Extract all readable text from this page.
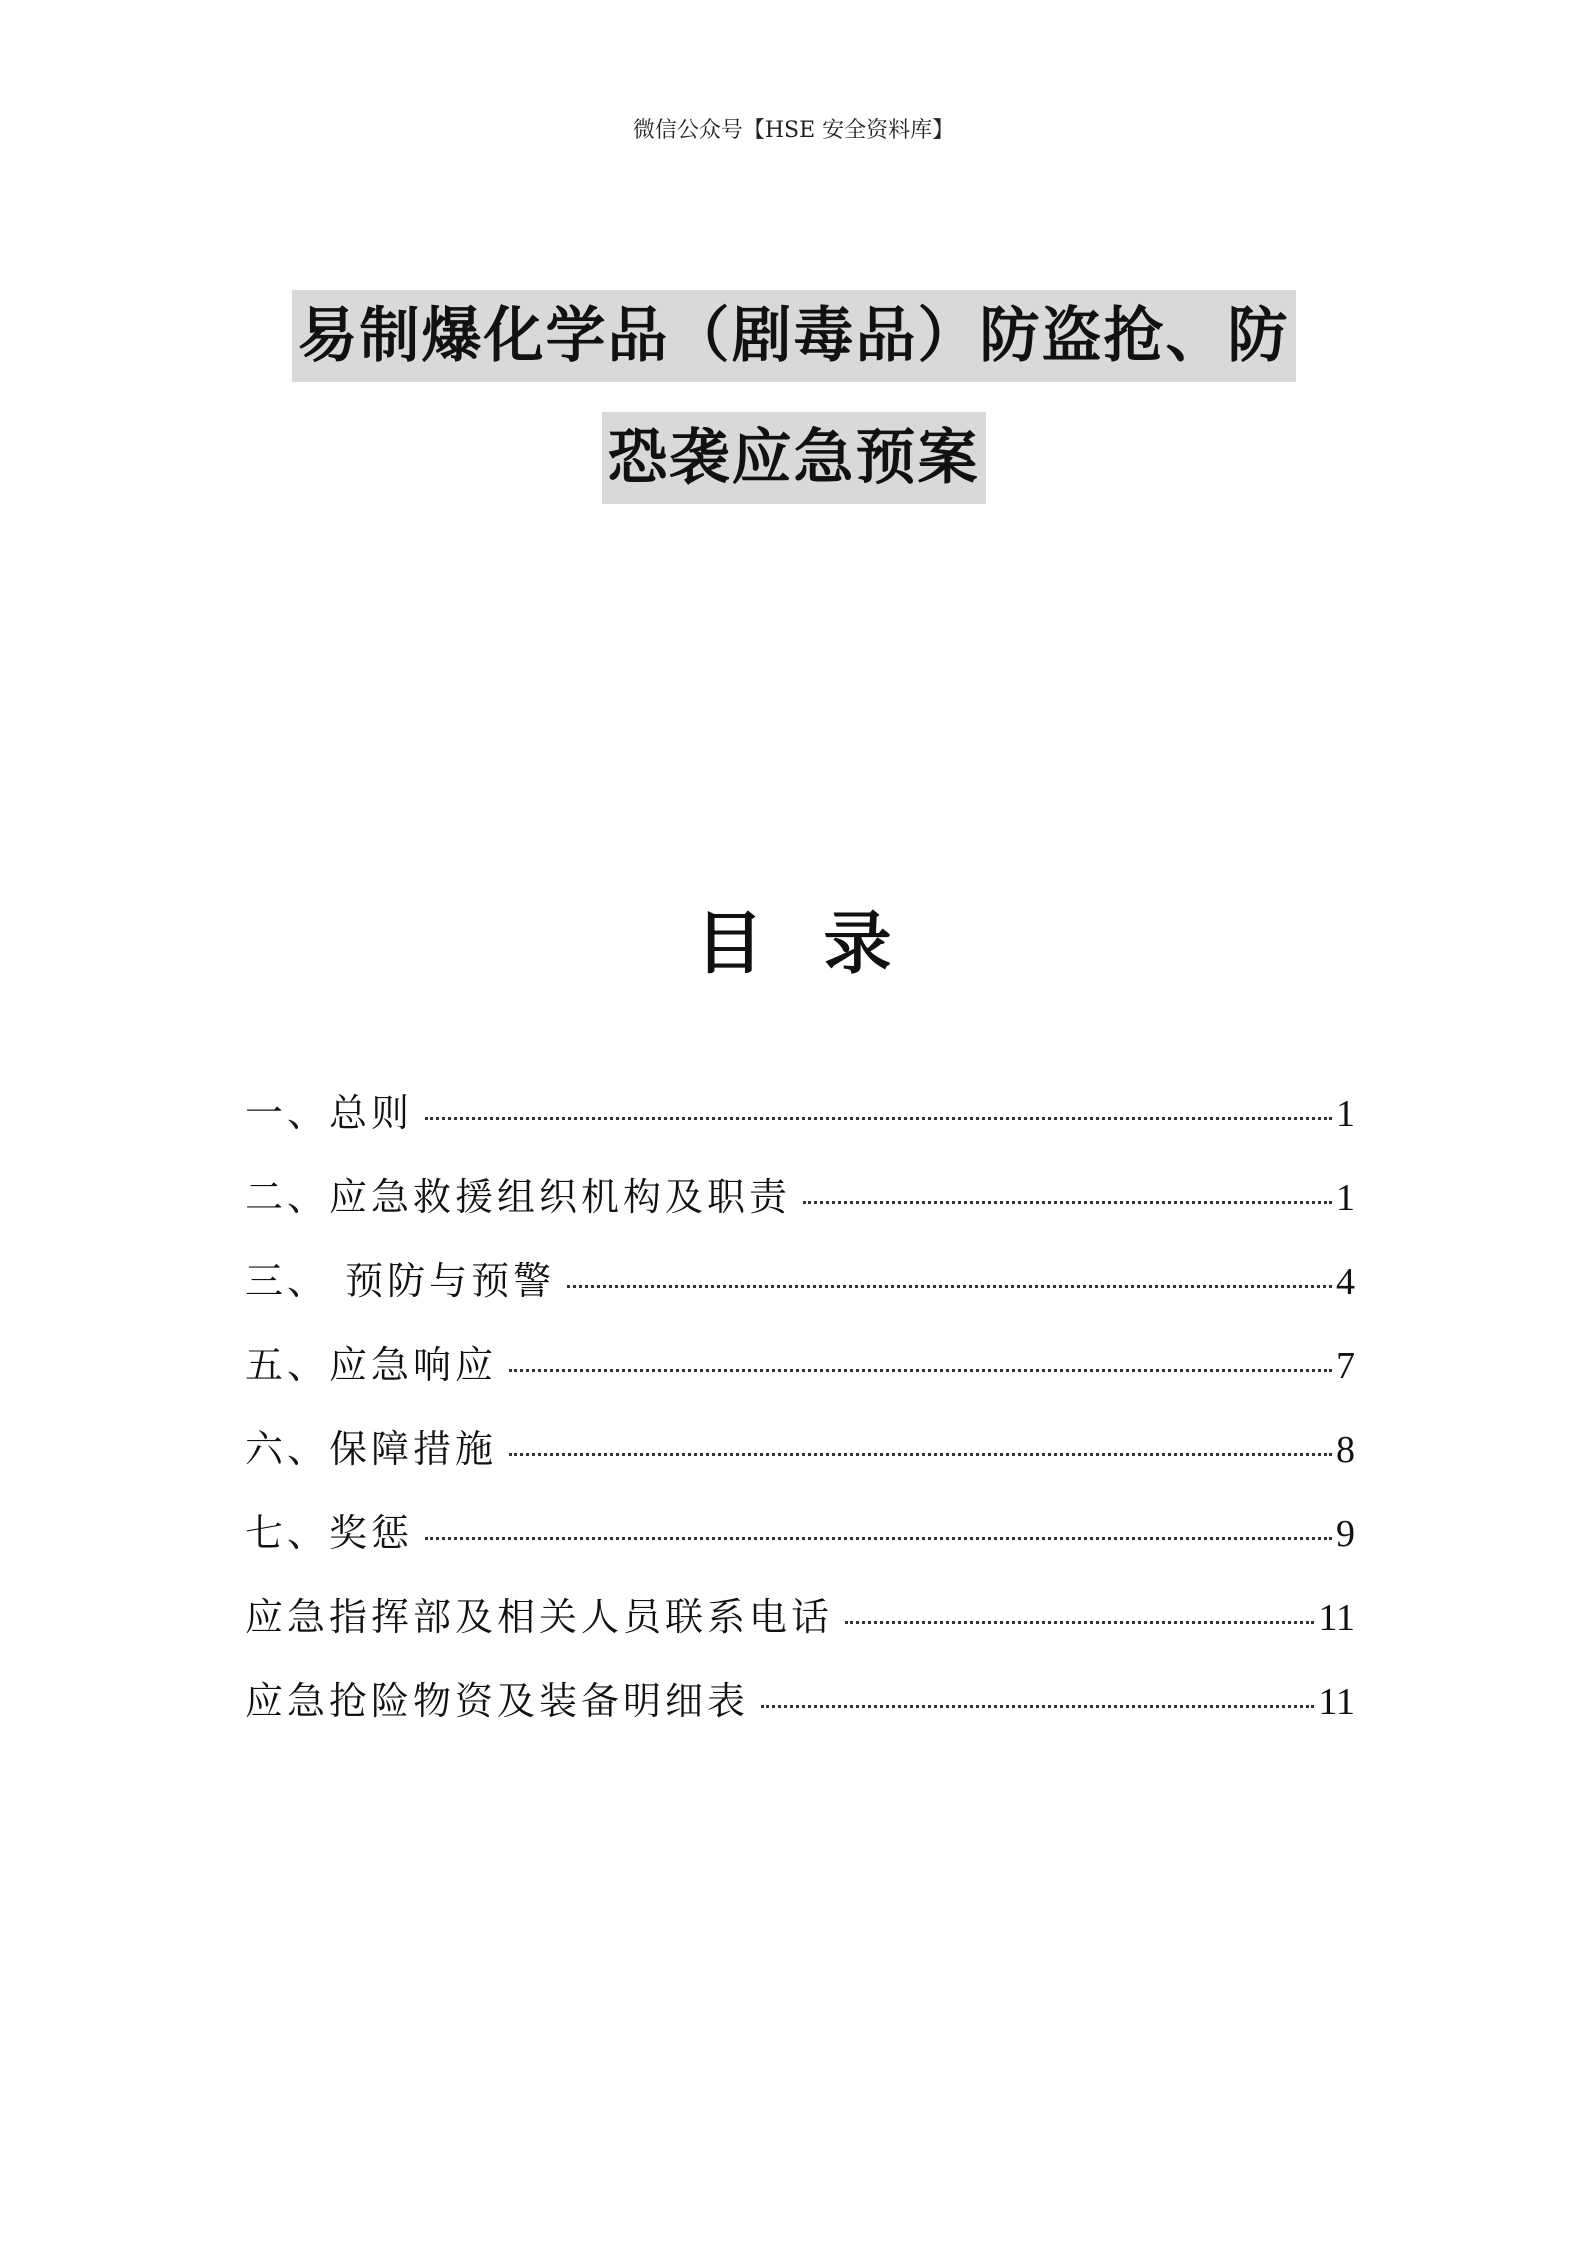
微信公众号【HSE 安全资料库】
易制爆化学品（剧毒品）防盗抢、防
恐袭应急预案
目录
一、总则	1
二、应急救援组织机构及职责	1
三、 预防与预警	4
五、应急响应	7
六、保障措施	8
七、奖惩	9
应急指挥部及相关人员联系电话	11
应急抢险物资及装备明细表	11
